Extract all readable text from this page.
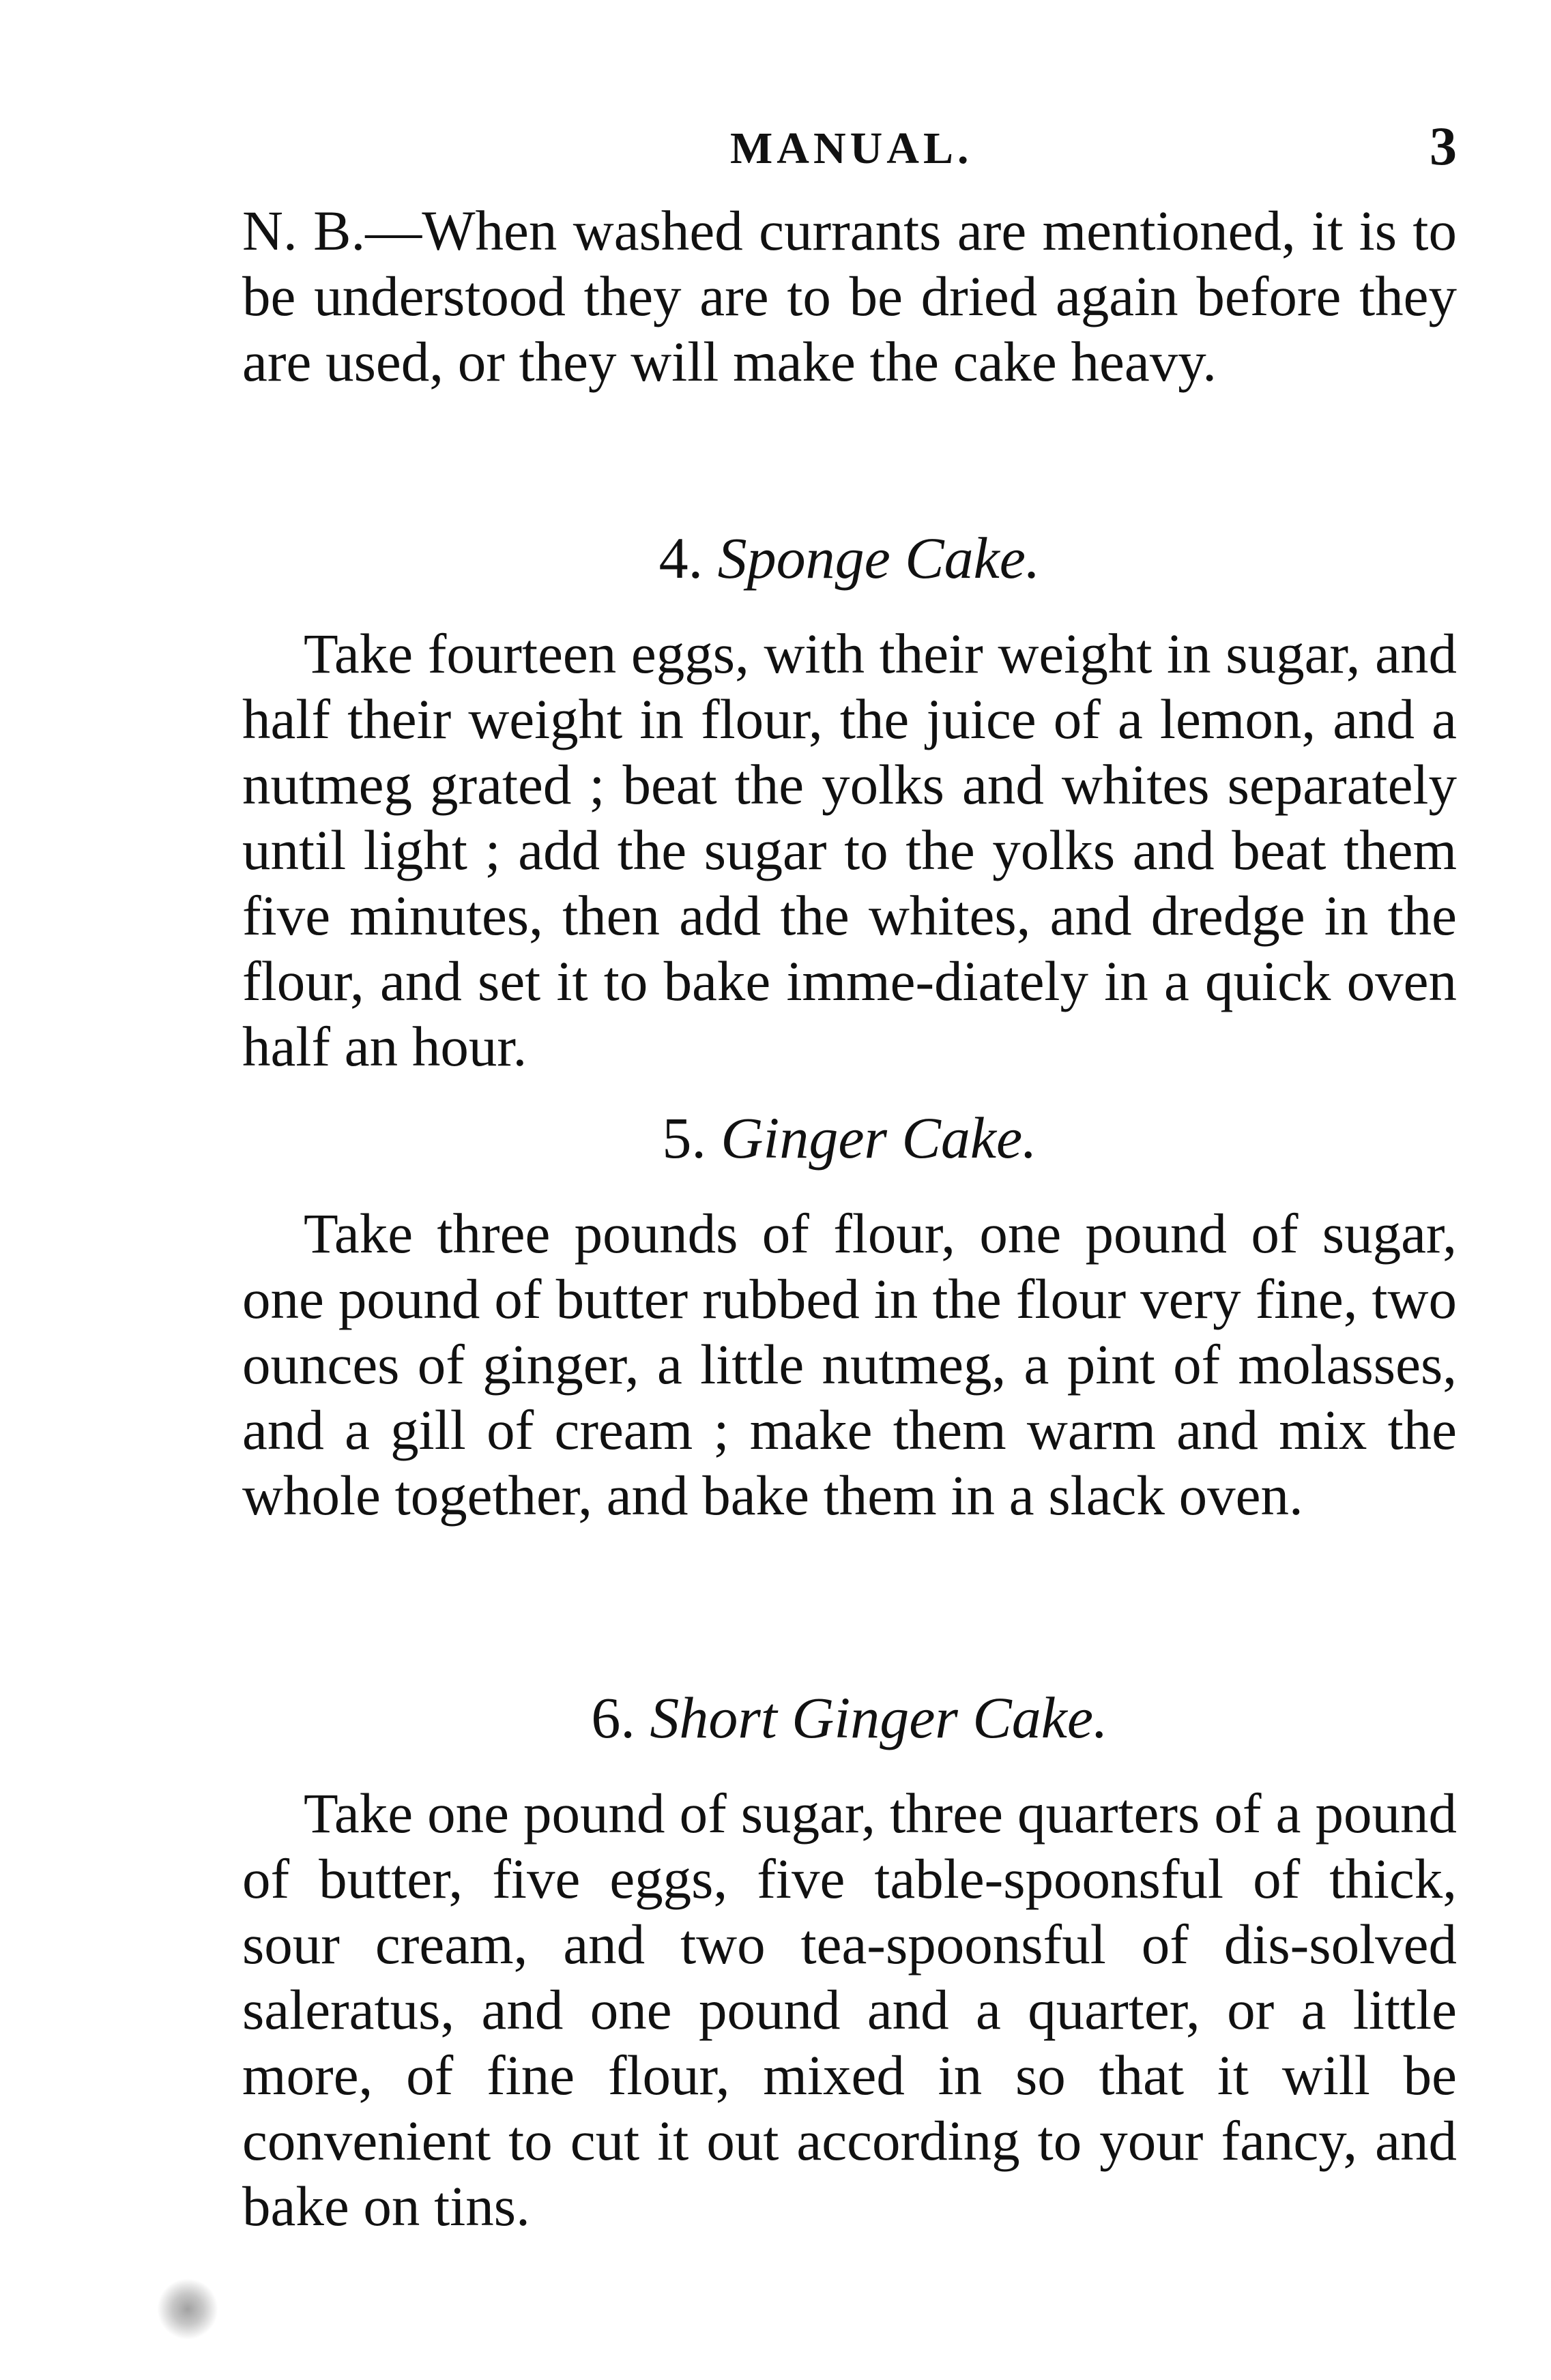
MANUAL.	3
N. B.—When washed currants are mentioned, it is to be understood they are to be dried again before they are used, or they will make the cake heavy.
4. Sponge Cake.
Take fourteen eggs, with their weight in sugar, and half their weight in flour, the juice of a lemon, and a nutmeg grated ; beat the yolks and whites separately until light ; add the sugar to the yolks and beat them five minutes, then add the whites, and dredge in the flour, and set it to bake imme-diately in a quick oven half an hour.
5. Ginger Cake.
Take three pounds of flour, one pound of sugar, one pound of butter rubbed in the flour very fine, two ounces of ginger, a little nutmeg, a pint of molasses, and a gill of cream ; make them warm and mix the whole together, and bake them in a slack oven.
6. Short Ginger Cake.
Take one pound of sugar, three quarters of a pound of butter, five eggs, five table-spoonsful of thick, sour cream, and two tea-spoonsful of dis-solved saleratus, and one pound and a quarter, or a little more, of fine flour, mixed in so that it will be convenient to cut it out according to your fancy, and bake on tins.
